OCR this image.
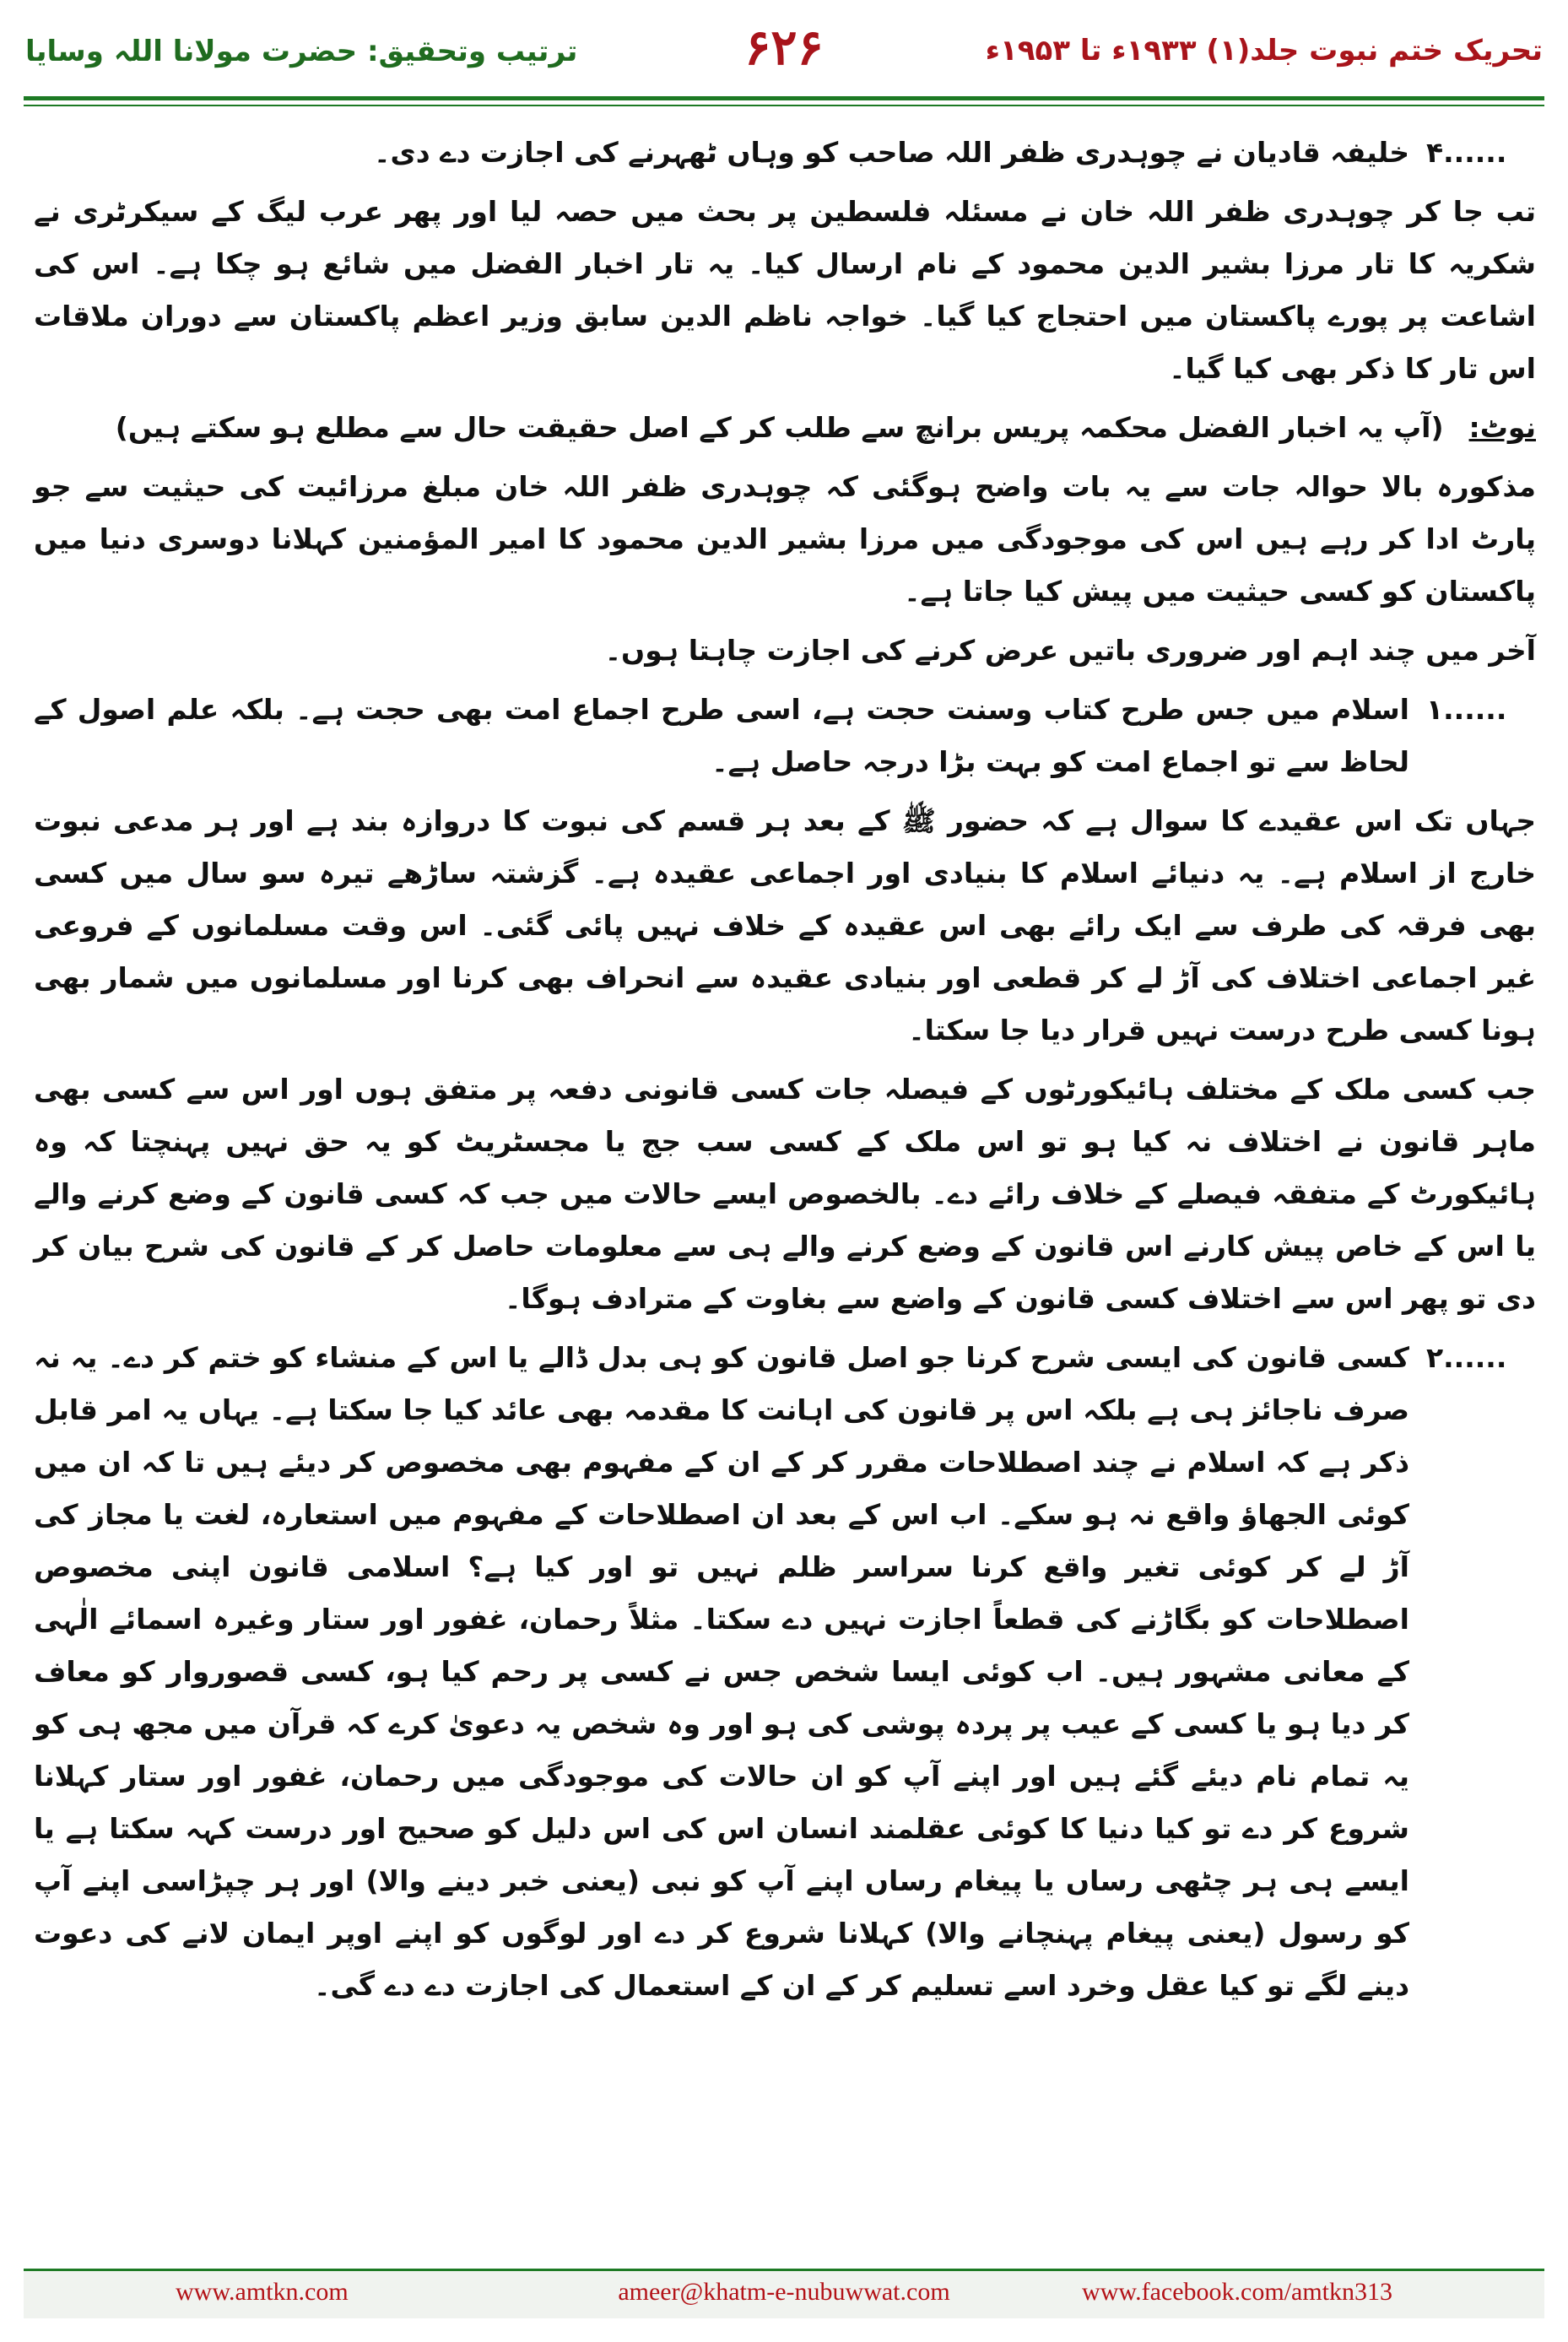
ترتیب وتحقیق: حضرت مولانا اللہ وسایا	۶۲۶	تحریک ختم نبوت جلد(۱) ۱۹۳۳ء تا ۱۹۵۳ء

۴......خلیفہ قادیان نے چوہدری ظفر اللہ صاحب کو وہاں ٹھہرنے کی اجازت دے دی۔

تب جا کر چوہدری ظفر اللہ خان نے مسئلہ فلسطین پر بحث میں حصہ لیا اور پھر عرب لیگ کے سیکرٹری نے شکریہ کا تار مرزا بشیر الدین محمود کے نام ارسال کیا۔ یہ تار اخبار الفضل میں شائع ہو چکا ہے۔ اس کی اشاعت پر پورے پاکستان میں احتجاج کیا گیا۔ خواجہ ناظم الدین سابق وزیر اعظم پاکستان سے دوران ملاقات اس تار کا ذکر بھی کیا گیا۔

نوٹ:(آپ یہ اخبار الفضل محکمہ پریس برانچ سے طلب کر کے اصل حقیقت حال سے مطلع ہو سکتے ہیں)

مذکورہ بالا حوالہ جات سے یہ بات واضح ہوگئی کہ چوہدری ظفر اللہ خان مبلغ مرزائیت کی حیثیت سے جو پارٹ ادا کر رہے ہیں اس کی موجودگی میں مرزا بشیر الدین محمود کا امیر المؤمنین کہلانا دوسری دنیا میں پاکستان کو کسی حیثیت میں پیش کیا جاتا ہے۔

آخر میں چند اہم اور ضروری باتیں عرض کرنے کی اجازت چاہتا ہوں۔

۱......اسلام میں جس طرح کتاب وسنت حجت ہے، اسی طرح اجماع امت بھی حجت ہے۔ بلکہ علم اصول کے لحاظ سے تو اجماع امت کو بہت بڑا درجہ حاصل ہے۔

جہاں تک اس عقیدے کا سوال ہے کہ حضور ﷺ کے بعد ہر قسم کی نبوت کا دروازہ بند ہے اور ہر مدعی نبوت خارج از اسلام ہے۔ یہ دنیائے اسلام کا بنیادی اور اجماعی عقیدہ ہے۔ گزشتہ ساڑھے تیرہ سو سال میں کسی بھی فرقہ کی طرف سے ایک رائے بھی اس عقیدہ کے خلاف نہیں پائی گئی۔ اس وقت مسلمانوں کے فروعی غیر اجماعی اختلاف کی آڑ لے کر قطعی اور بنیادی عقیدہ سے انحراف بھی کرنا اور مسلمانوں میں شمار بھی ہونا کسی طرح درست نہیں قرار دیا جا سکتا۔

جب کسی ملک کے مختلف ہائیکورٹوں کے فیصلہ جات کسی قانونی دفعہ پر متفق ہوں اور اس سے کسی بھی ماہر قانون نے اختلاف نہ کیا ہو تو اس ملک کے کسی سب جج یا مجسٹریٹ کو یہ حق نہیں پہنچتا کہ وہ ہائیکورٹ کے متفقہ فیصلے کے خلاف رائے دے۔ بالخصوص ایسے حالات میں جب کہ کسی قانون کے وضع کرنے والے یا اس کے خاص پیش کارنے اس قانون کے وضع کرنے والے ہی سے معلومات حاصل کر کے قانون کی شرح بیان کر دی تو پھر اس سے اختلاف کسی قانون کے واضع سے بغاوت کے مترادف ہوگا۔

۲......کسی قانون کی ایسی شرح کرنا جو اصل قانون کو ہی بدل ڈالے یا اس کے منشاء کو ختم کر دے۔ یہ نہ صرف ناجائز ہی ہے بلکہ اس پر قانون کی اہانت کا مقدمہ بھی عائد کیا جا سکتا ہے۔ یہاں یہ امر قابل ذکر ہے کہ اسلام نے چند اصطلاحات مقرر کر کے ان کے مفہوم بھی مخصوص کر دیئے ہیں تا کہ ان میں کوئی الجھاؤ واقع نہ ہو سکے۔ اب اس کے بعد ان اصطلاحات کے مفہوم میں استعارہ، لغت یا مجاز کی آڑ لے کر کوئی تغیر واقع کرنا سراسر ظلم نہیں تو اور کیا ہے؟ اسلامی قانون اپنی مخصوص اصطلاحات کو بگاڑنے کی قطعاً اجازت نہیں دے سکتا۔ مثلاً رحمان، غفور اور ستار وغیرہ اسمائے الٰہی کے معانی مشہور ہیں۔ اب کوئی ایسا شخص جس نے کسی پر رحم کیا ہو، کسی قصوروار کو معاف کر دیا ہو یا کسی کے عیب پر پردہ پوشی کی ہو اور وہ شخص یہ دعویٰ کرے کہ قرآن میں مجھ ہی کو یہ تمام نام دیئے گئے ہیں اور اپنے آپ کو ان حالات کی موجودگی میں رحمان، غفور اور ستار کہلانا شروع کر دے تو کیا دنیا کا کوئی عقلمند انسان اس کی اس دلیل کو صحیح اور درست کہہ سکتا ہے یا ایسے ہی ہر چٹھی رساں یا پیغام رساں اپنے آپ کو نبی (یعنی خبر دینے والا) اور ہر چپڑاسی اپنے آپ کو رسول (یعنی پیغام پہنچانے والا) کہلانا شروع کر دے اور لوگوں کو اپنے اوپر ایمان لانے کی دعوت دینے لگے تو کیا عقل وخرد اسے تسلیم کر کے ان کے استعمال کی اجازت دے دے گی۔

www.amtkn.com	ameer@khatm-e-nubuwwat.com	www.facebook.com/amtkn313
